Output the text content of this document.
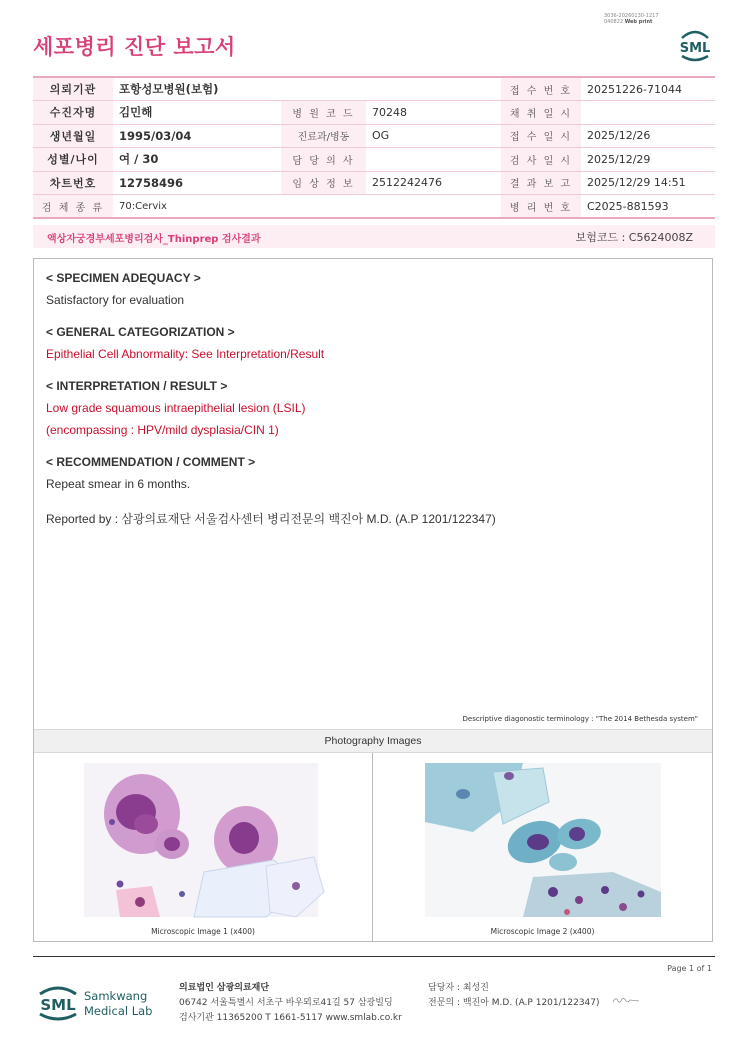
3036-20260130-1217
040822 Web print
세포병리 진단 보고서	SML
의뢰기관	포항성모병원(보험)			접 수 번 호	20251226-71044
수진자명	김민해	병 원 코 드	70248	채 취 일 시	
생년월일	1995/03/04	진료과/병동	OG	접 수 일 시	2025/12/26
성별/나이	여 / 30	담 당 의 사		검 사 일 시	2025/12/29
차트번호	12758496	임 상 정 보	2512242476	결 과 보 고	2025/12/29 14:51
검 체 종 류	70:Cervix			병 리 번 호	C2025-881593
액상자궁경부세포병리검사_Thinprep 검사결과	보험코드 : C5624008Z
< SPECIMEN ADEQUACY >
Satisfactory for evaluation
< GENERAL CATEGORIZATION >
Epithelial Cell Abnormality: See Interpretation/Result
< INTERPRETATION / RESULT >
Low grade squamous intraepithelial lesion (LSIL)
(encompassing : HPV/mild dysplasia/CIN 1)
< RECOMMENDATION / COMMENT >
Repeat smear in 6 months.
Reported by : 삼광의료재단 서울검사센터 병리전문의 백진아 M.D. (A.P 1201/122347)
Descriptive diagonostic terminology : "The 2014 Bethesda system"
Photography Images
Microscopic Image 1 (x400)	Microscopic Image 2 (x400)
Page 1 of 1
SML Samkwang
Medical Lab
의료법인 삼광의료재단
06742 서울특별시 서초구 바우뫼로41길 57 삼광빌딩
검사기관 11365200 T 1661-5117 www.smlab.co.kr
담당자 : 최성진
전문의 : 백진아 M.D. (A.P 1201/122347)
